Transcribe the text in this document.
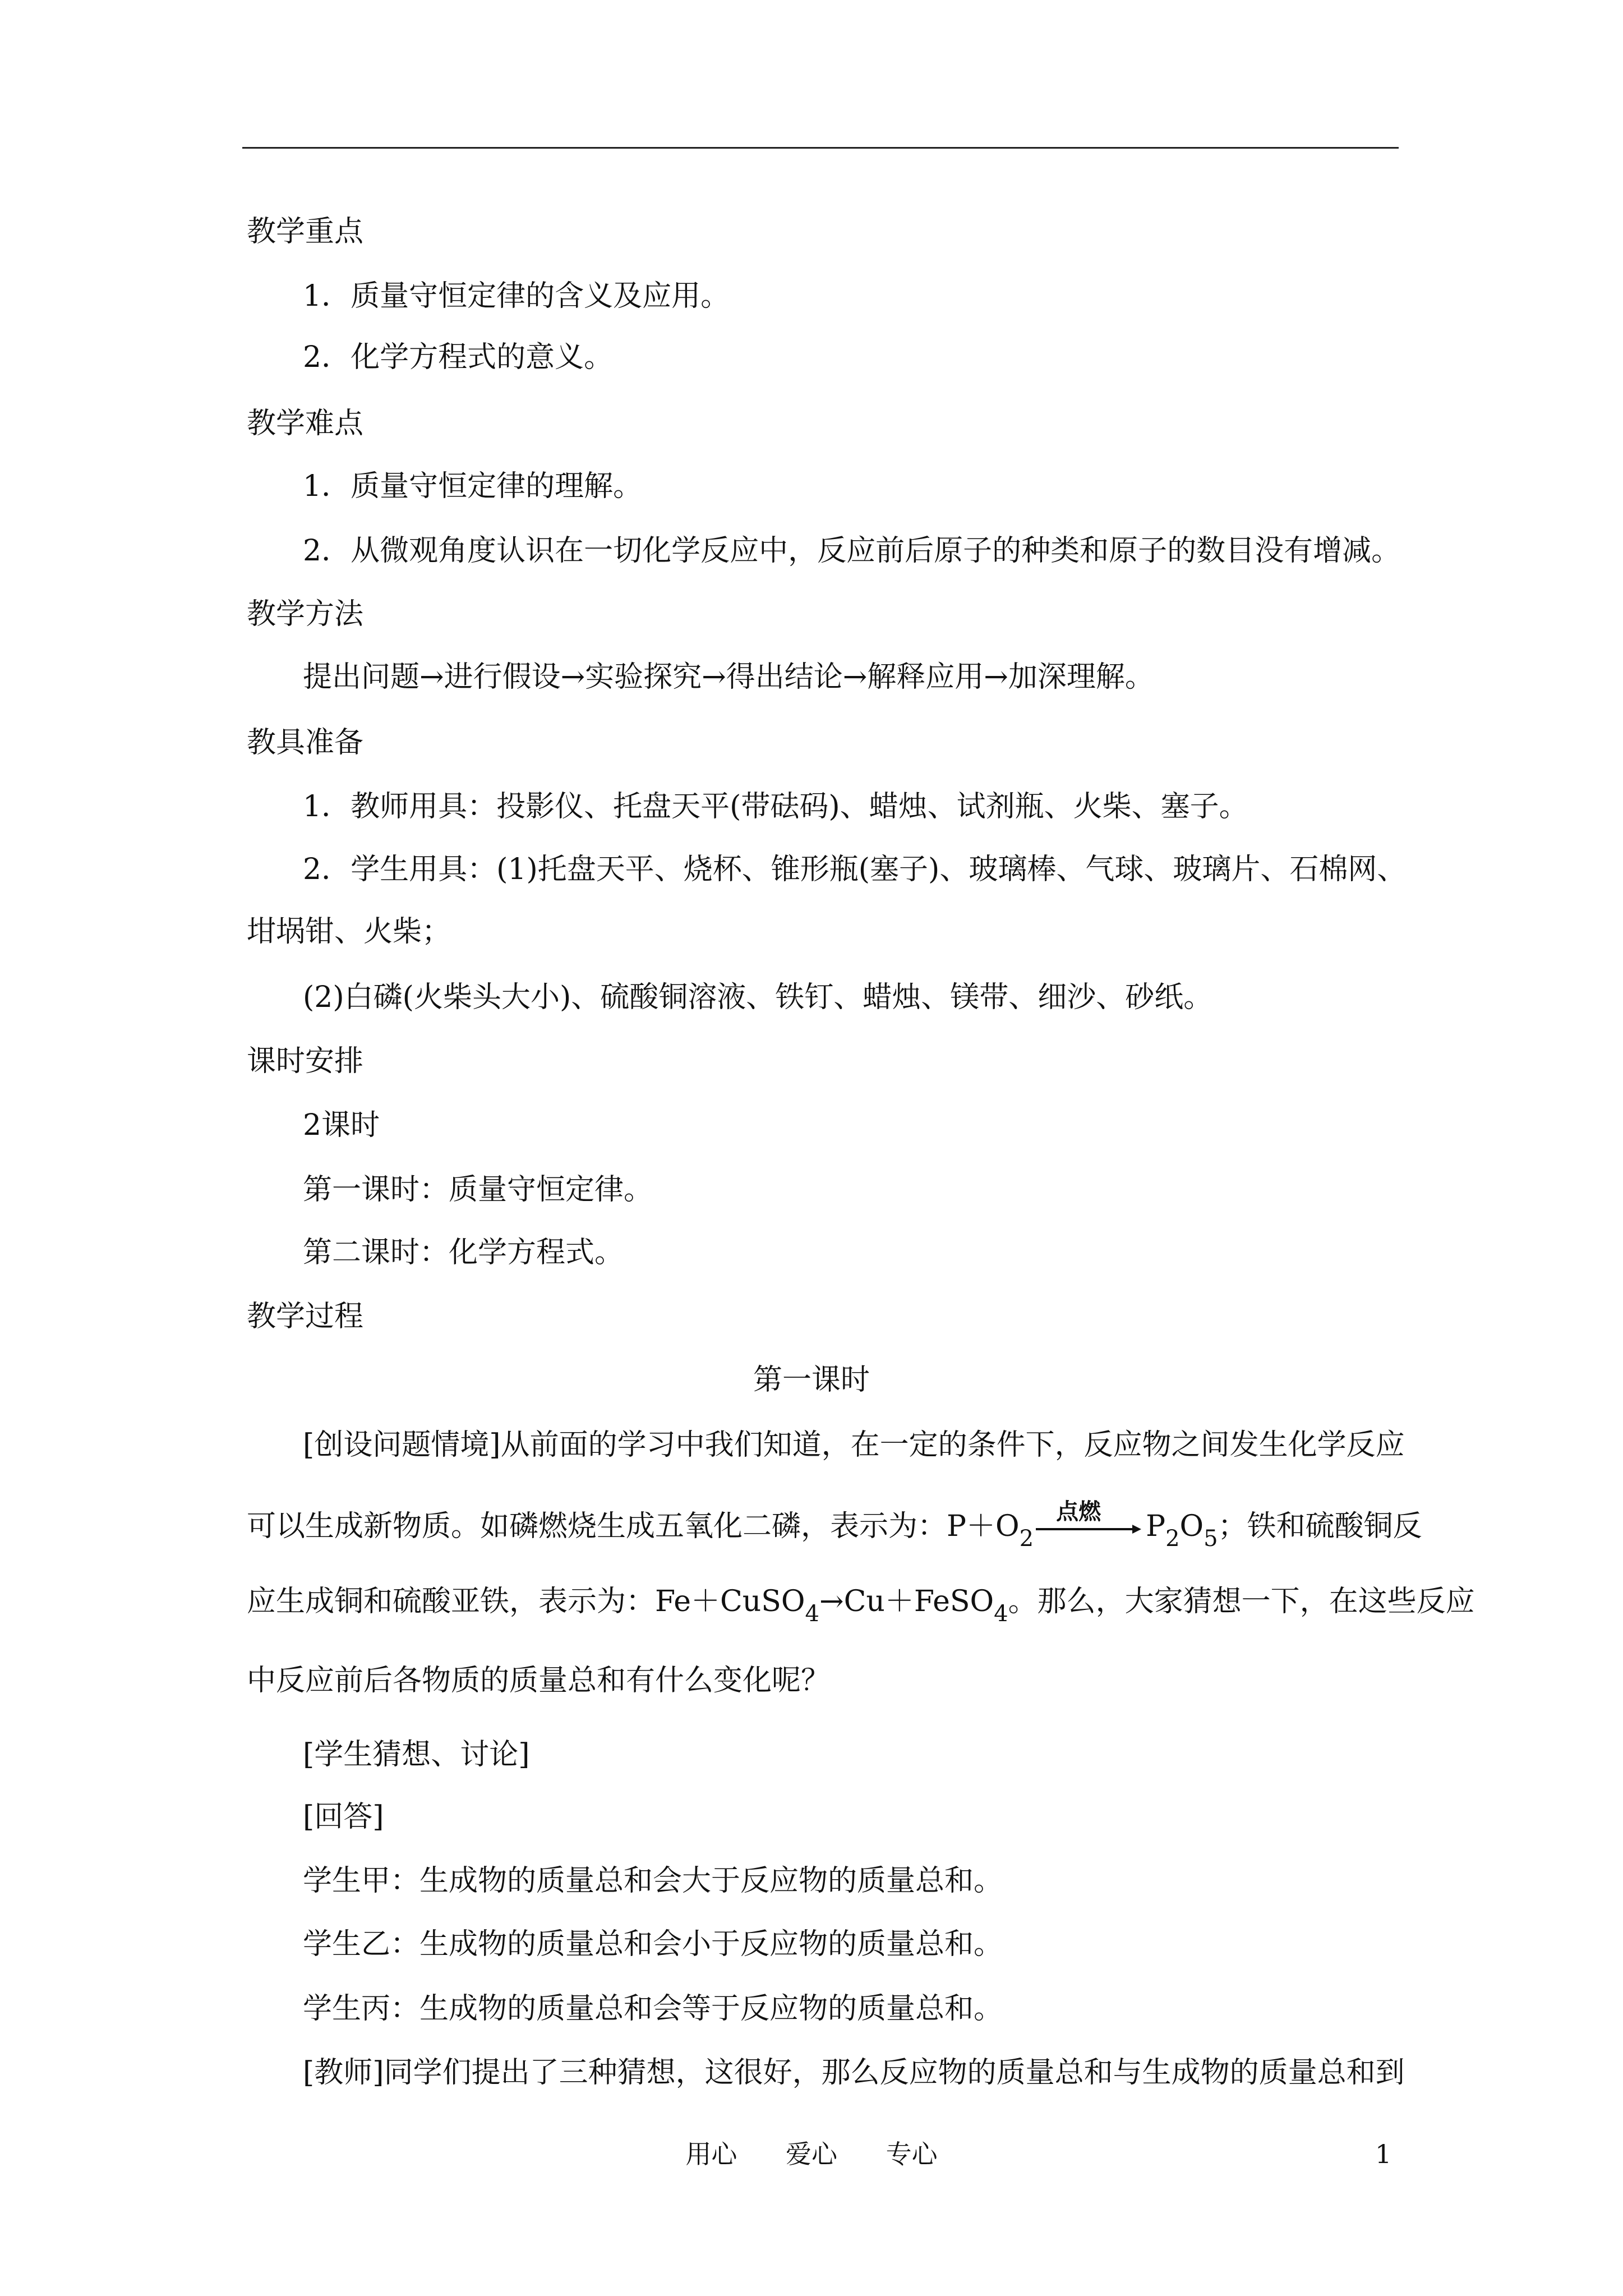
教学重点
1．质量守恒定律的含义及应用。
2．化学方程式的意义。
教学难点
1．质量守恒定律的理解。
2．从微观角度认识在一切化学反应中，反应前后原子的种类和原子的数目没有增减。
教学方法
提出问题→进行假设→实验探究→得出结论→解释应用→加深理解。
教具准备
1．教师用具：投影仪、托盘天平(带砝码)、蜡烛、试剂瓶、火柴、塞子。
2．学生用具：(1)托盘天平、烧杯、锥形瓶(塞子)、玻璃棒、气球、玻璃片、石棉网、
坩埚钳、火柴；
(2)白磷(火柴头大小)、硫酸铜溶液、铁钉、蜡烛、镁带、细沙、砂纸。
课时安排
2课时
第一课时：质量守恒定律。
第二课时：化学方程式。
教学过程
第一课时
[创设问题情境]从前面的学习中我们知道，在一定的条件下，反应物之间发生化学反应
可以生成新物质。如磷燃烧生成五氧化二磷，表示为：$P+O_2$
点燃 $P_2O_5$；铁和硫酸铜反
应生成铜和硫酸亚铁，表示为：Fe＋CuSO$_4$→Cu＋FeSO$_4$。那么，大家猜想一下，在这些反应
中反应前后各物质的质量总和有什么变化呢？
[学生猜想、讨论]
[回答]
学生甲：生成物的质量总和会大于反应物的质量总和。
学生乙：生成物的质量总和会小于反应物的质量总和。
学生丙：生成物的质量总和会等于反应物的质量总和。
[教师]同学们提出了三种猜想，这很好，那么反应物的质量总和与生成物的质量总和到
用心 爱心 专心	1
